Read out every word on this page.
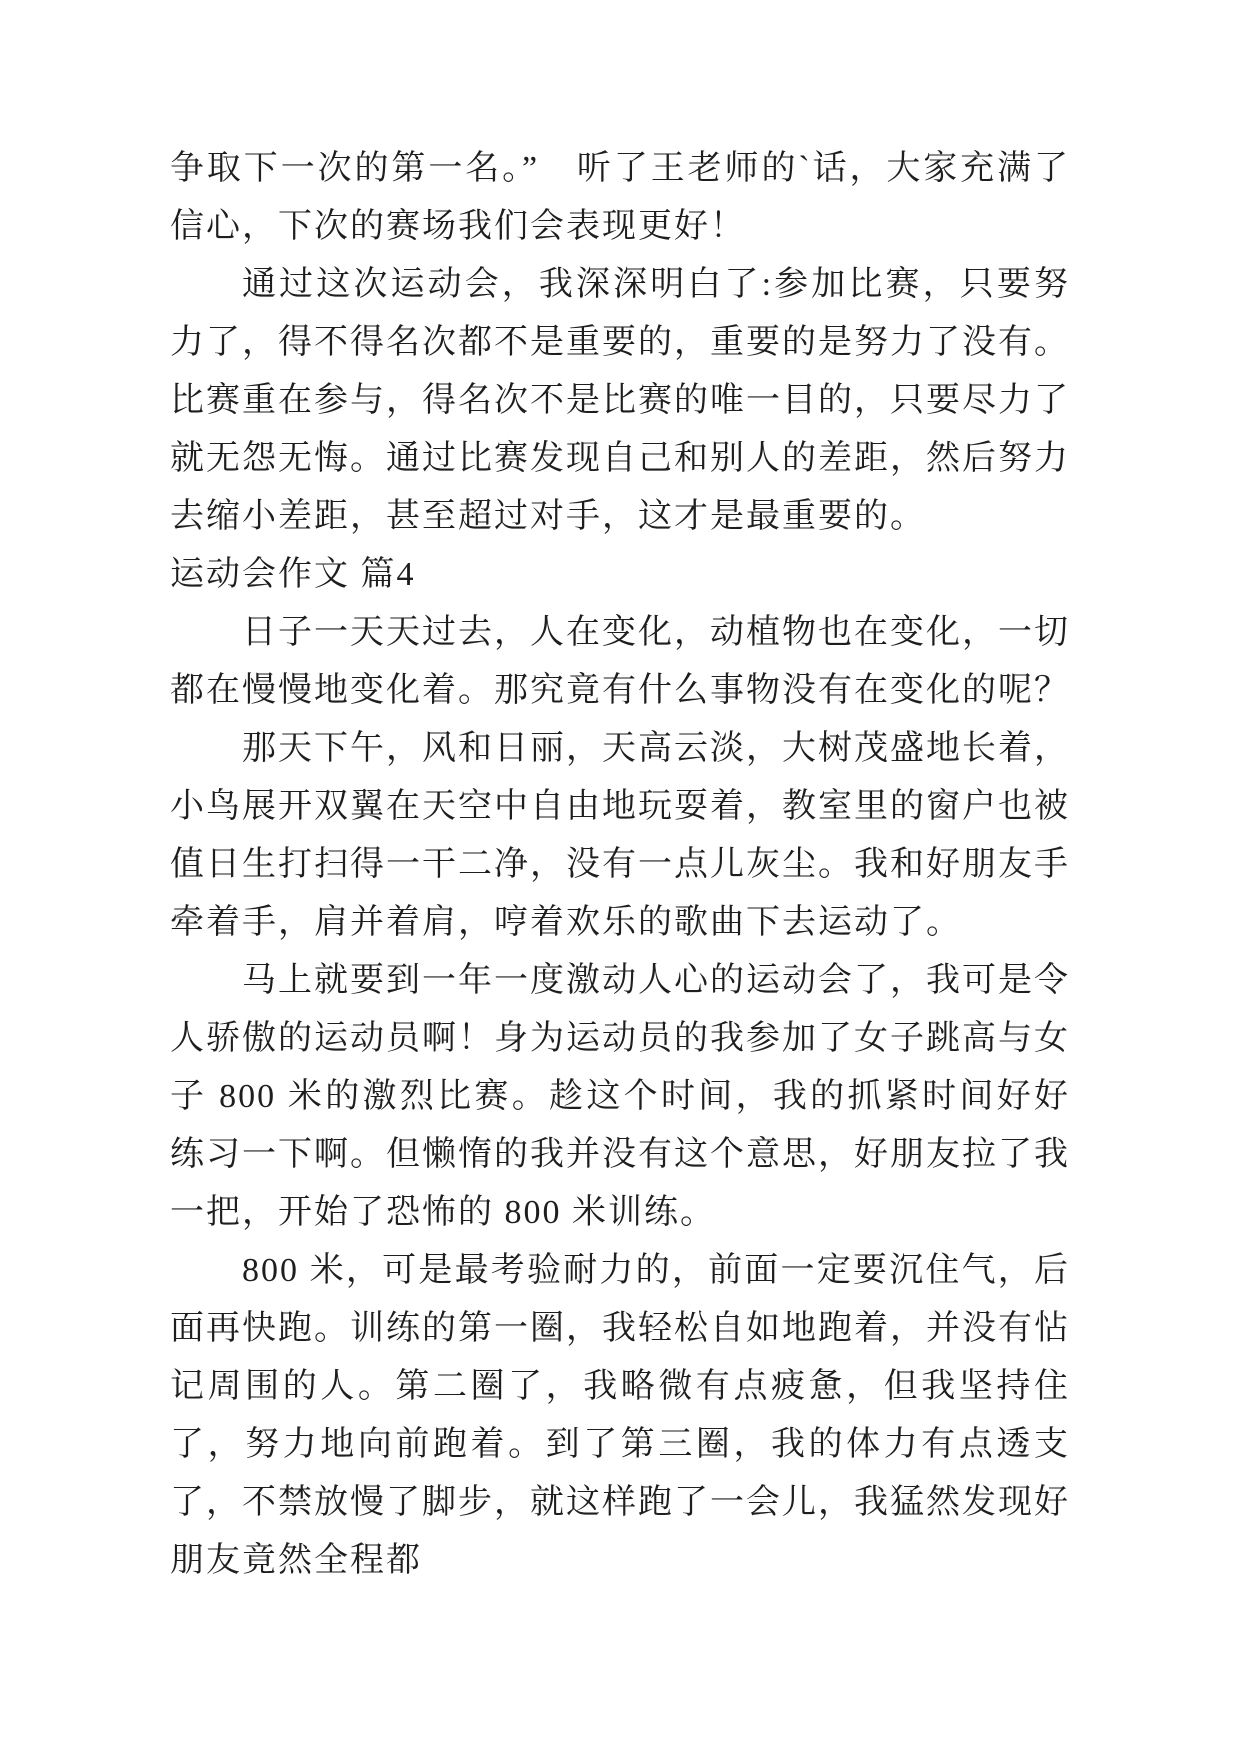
争取下一次的第一名。”　听了王老师的`话，大家充满了信心，下次的赛场我们会表现更好！

通过这次运动会，我深深明白了:参加比赛，只要努力了，得不得名次都不是重要的，重要的是努力了没有。比赛重在参与，得名次不是比赛的唯一目的，只要尽力了就无怨无悔。通过比赛发现自己和别人的差距，然后努力去缩小差距，甚至超过对手，这才是最重要的。

运动会作文 篇4

日子一天天过去，人在变化，动植物也在变化，一切都在慢慢地变化着。那究竟有什么事物没有在变化的呢？

那天下午，风和日丽，天高云淡，大树茂盛地长着，小鸟展开双翼在天空中自由地玩耍着，教室里的窗户也被值日生打扫得一干二净，没有一点儿灰尘。我和好朋友手牵着手，肩并着肩，哼着欢乐的歌曲下去运动了。

马上就要到一年一度激动人心的运动会了，我可是令人骄傲的运动员啊！身为运动员的我参加了女子跳高与女子 800 米的激烈比赛。趁这个时间，我的抓紧时间好好练习一下啊。但懒惰的我并没有这个意思，好朋友拉了我一把，开始了恐怖的 800 米训练。

800 米，可是最考验耐力的，前面一定要沉住气，后面再快跑。训练的第一圈，我轻松自如地跑着，并没有怗记周围的人。第二圈了，我略微有点疲惫，但我坚持住了，努力地向前跑着。到了第三圈，我的体力有点透支了，不禁放慢了脚步，就这样跑了一会儿，我猛然发现好朋友竟然全程都
